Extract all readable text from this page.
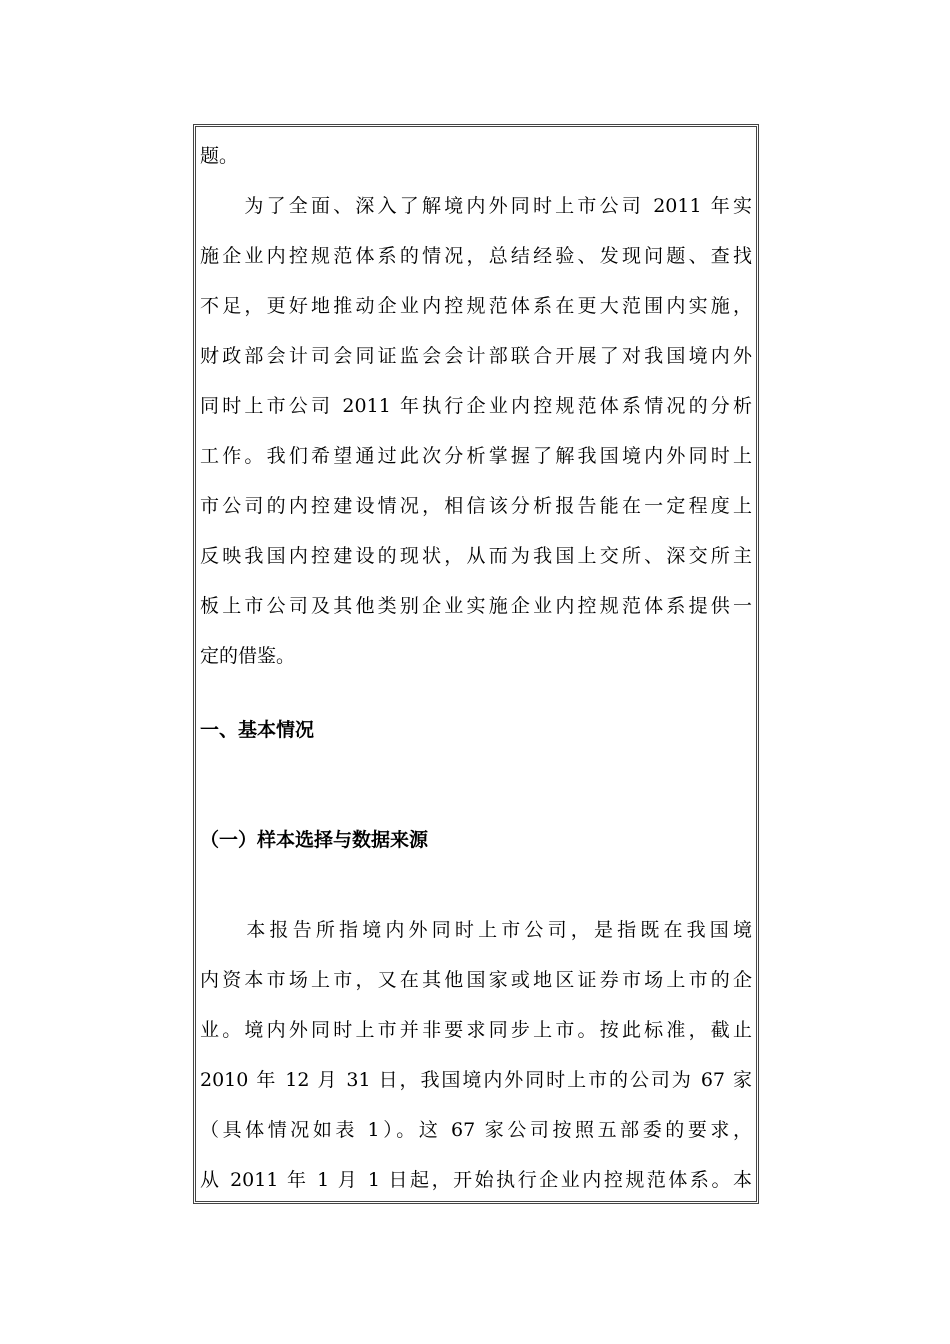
题。
　　为了全面、深入了解境内外同时上市公司 2011 年实
施企业内控规范体系的情况，总结经验、发现问题、查找
不足，更好地推动企业内控规范体系在更大范围内实施，
财政部会计司会同证监会会计部联合开展了对我国境内外
同时上市公司 2011 年执行企业内控规范体系情况的分析
工作。我们希望通过此次分析掌握了解我国境内外同时上
市公司的内控建设情况，相信该分析报告能在一定程度上
反映我国内控建设的现状，从而为我国上交所、深交所主
板上市公司及其他类别企业实施企业内控规范体系提供一
定的借鉴。
一、基本情况
（一）样本选择与数据来源
　　本报告所指境内外同时上市公司，是指既在我国境
内资本市场上市，又在其他国家或地区证券市场上市的企
业。境内外同时上市并非要求同步上市。按此标准，截止
2010 年 12 月 31 日，我国境内外同时上市的公司为 67 家
（具体情况如表 1）。这 67 家公司按照五部委的要求，
从 2011 年 1 月 1 日起，开始执行企业内控规范体系。本
